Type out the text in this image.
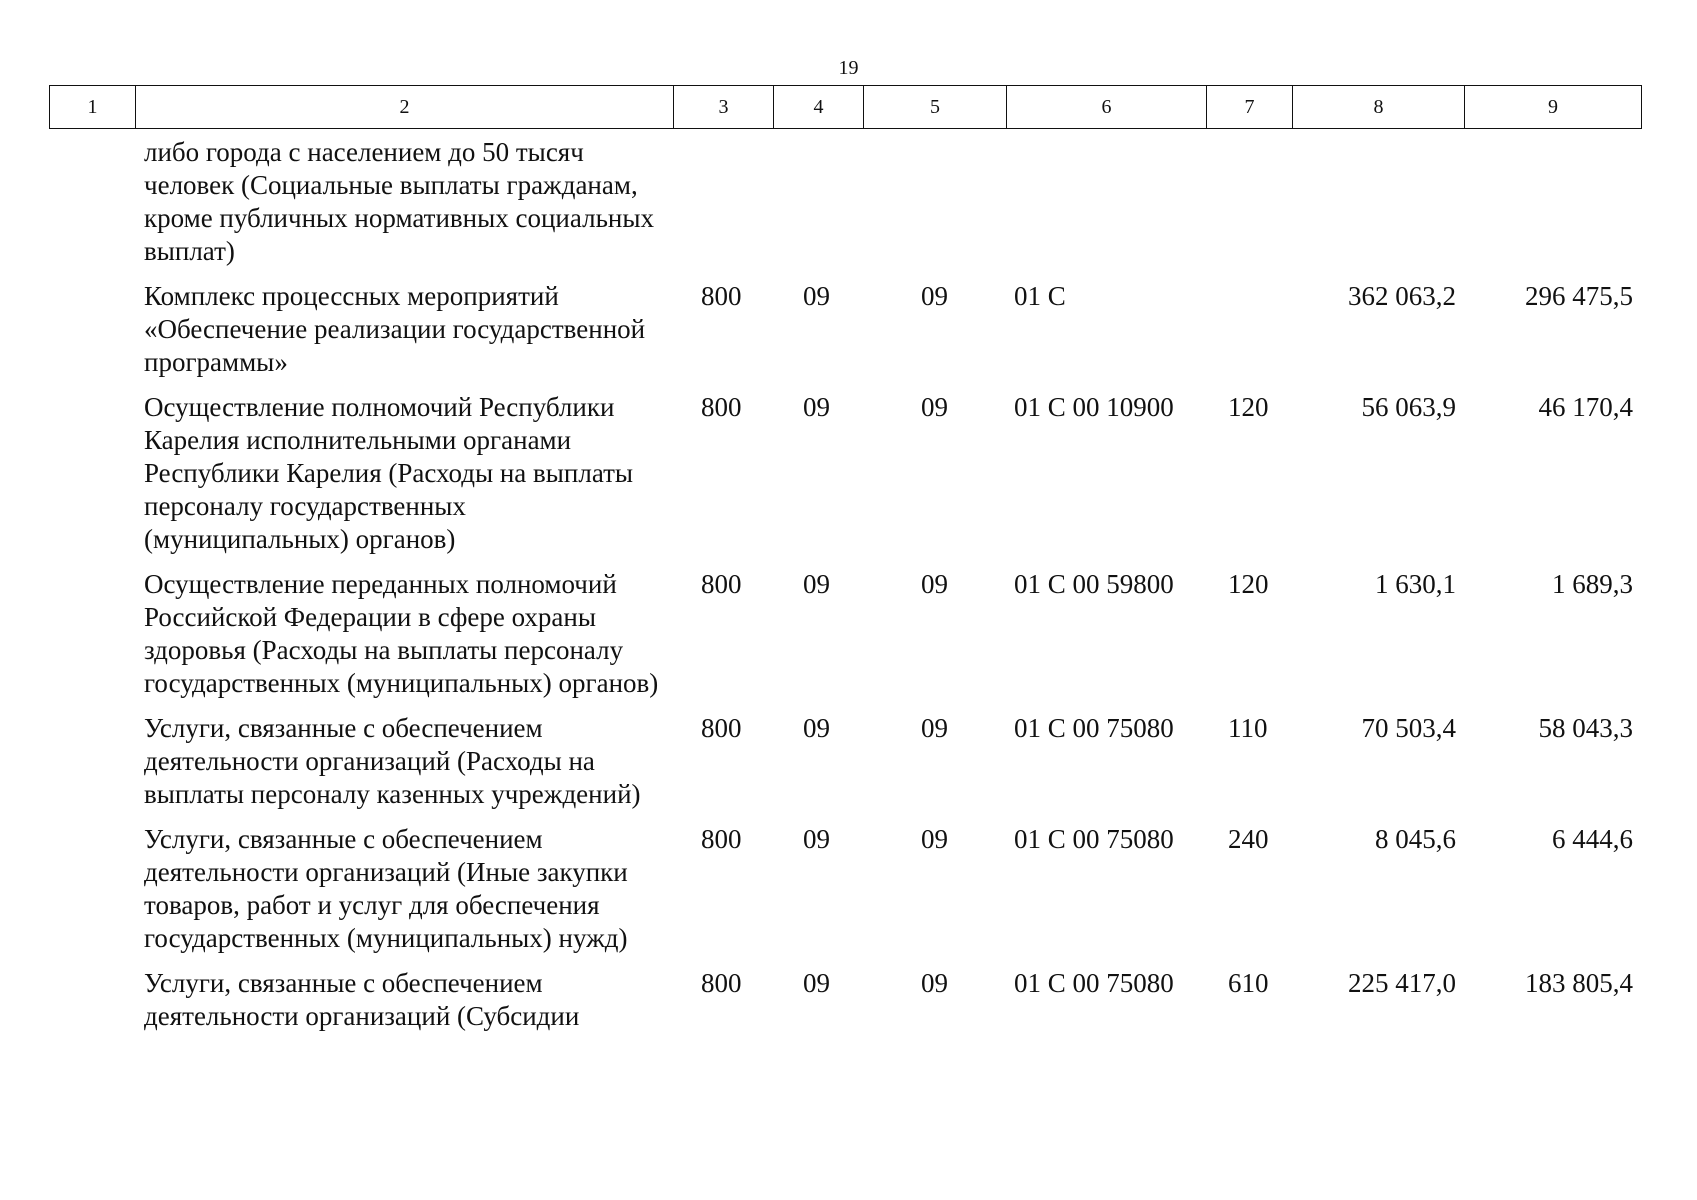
19
1	2	3	4	5	6	7	8	9
либо города с населением до 50 тысяч человек (Социальные выплаты гражданам, кроме публичных нормативных социальных выплат)							
Комплекс процессных мероприятий «Обеспечение реализации государственной программы»	800	09	09	01 С		362 063,2	296 475,5
Осуществление полномочий Республики Карелия исполнительными органами Республики Карелия (Расходы на выплаты персоналу государственных (муниципальных) органов)	800	09	09	01 С 00 10900	120	56 063,9	46 170,4
Осуществление переданных полномочий Российской Федерации в сфере охраны здоровья (Расходы на выплаты персоналу государственных (муниципальных) органов)	800	09	09	01 С 00 59800	120	1 630,1	1 689,3
Услуги, связанные с обеспечением деятельности организаций (Расходы на выплаты персоналу казенных учреждений)	800	09	09	01 С 00 75080	110	70 503,4	58 043,3
Услуги, связанные с обеспечением деятельности организаций (Иные закупки товаров, работ и услуг для обеспечения государственных (муниципальных) нужд)	800	09	09	01 С 00 75080	240	8 045,6	6 444,6
Услуги, связанные с обеспечением деятельности организаций (Субсидии	800	09	09	01 С 00 75080	610	225 417,0	183 805,4
